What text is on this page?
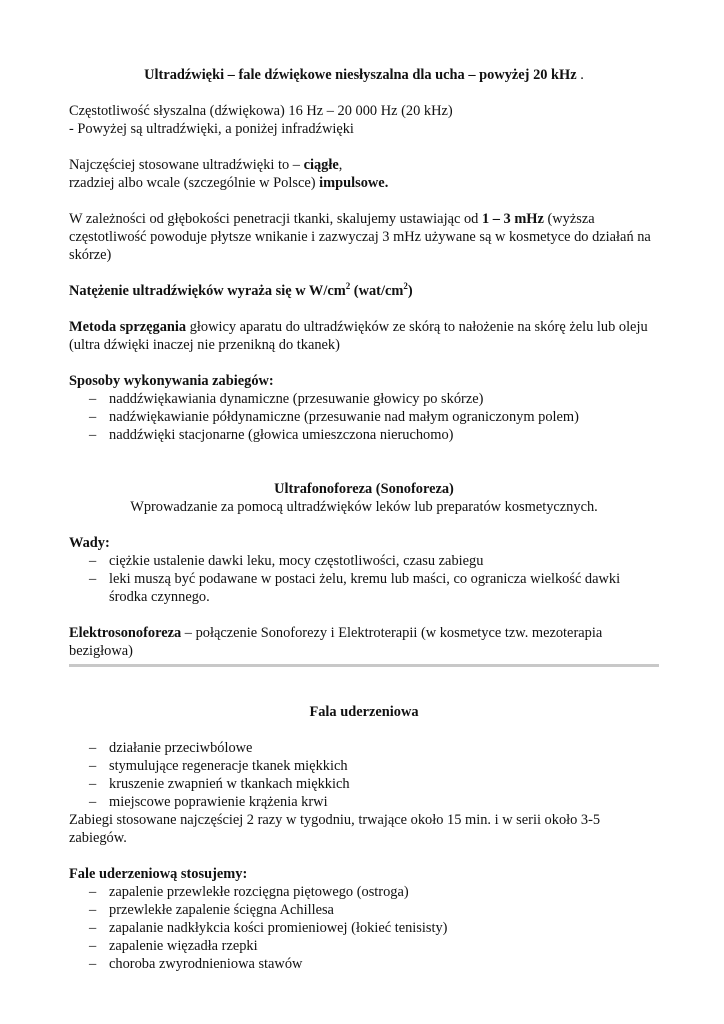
Ultradźwięki – fale dźwiękowe niesłyszalna dla ucha – powyżej 20 kHz .

Częstotliwość słyszalna (dźwiękowa) 16 Hz – 20 000 Hz (20 kHz)

- Powyżej są ultradźwięki, a poniżej infradźwięki

Najczęściej stosowane ultradźwięki to – ciągłe,

rzadziej albo wcale (szczególnie w Polsce) impulsowe.

W zależności od głębokości penetracji tkanki, skalujemy ustawiając od 1 – 3 mHz (wyższa częstotliwość powoduje płytsze wnikanie i zazwyczaj 3 mHz używane są w kosmetyce do działań na skórze)

Natężenie ultradźwięków wyraża się w $W/cm^2$ $(wat/cm^2)$

Metoda sprzęgania głowicy aparatu do ultradźwięków ze skórą to nałożenie na skórę żelu lub oleju (ultra dźwięki inaczej nie przenikną do tkanek)

Sposoby wykonywania zabiegów:

– naddźwiękawiania dynamiczne (przesuwanie głowicy po skórze)
– nadźwiękawianie półdynamiczne (przesuwanie nad małym ograniczonym polem)
– naddźwięki stacjonarne (głowica umieszczona nieruchomo)

Ultrafonoforeza (Sonoforeza)

Wprowadzanie za pomocą ultradźwięków leków lub preparatów kosmetycznych.

Wady:

– ciężkie ustalenie dawki leku, mocy częstotliwości, czasu zabiegu
– leki muszą być podawane w postaci żelu, kremu lub maści, co ogranicza wielkość dawki środka czynnego.

Elektrosonoforeza – połączenie Sonoforezy i Elektroterapii (w kosmetyce tzw. mezoterapia bezigłowa)

Fala uderzeniowa

– działanie przeciwbólowe
– stymulujące regeneracje tkanek miękkich
– kruszenie zwapnień w tkankach miękkich
– miejscowe poprawienie krążenia krwi

Zabiegi stosowane najczęściej 2 razy w tygodniu, trwające około 15 min. i w serii około 3-5 zabiegów.

Fale uderzeniową stosujemy:

– zapalenie przewlekłe rozcięgna piętowego (ostroga)
– przewlekłe zapalenie ścięgna Achillesa
– zapalanie nadkłykcia kości promieniowej (łokieć tenisisty)
– zapalenie więzadła rzepki
– choroba zwyrodnieniowa stawów
